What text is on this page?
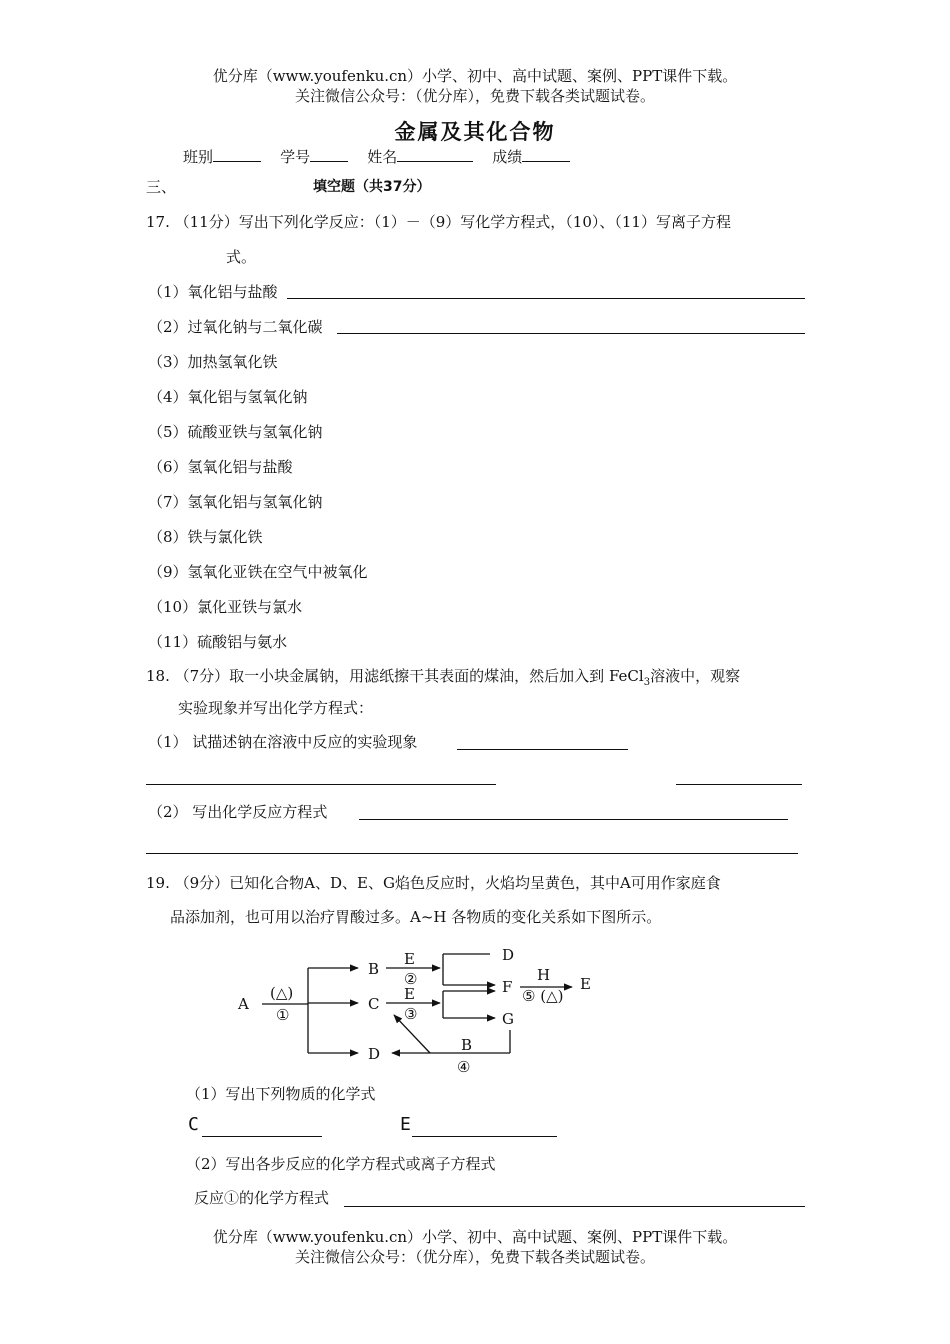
优分库（www.youfenku.cn）小学、初中、高中试题、案例、PPT课件下载。
关注微信公众号：（优分库），免费下载各类试题试卷。
金属及其化合物
班别	学号	姓名	成绩
三、	填空题（共37分）
17. （11分）写出下列化学反应：（1）－（9）写化学方程式，（10）、（11）写离子方程
式。
（1）氧化铝与盐酸
（2）过氧化钠与二氧化碳
（3）加热氢氧化铁
（4）氧化铝与氢氧化钠
（5）硫酸亚铁与氢氧化钠
（6）氢氧化铝与盐酸
（7）氢氧化铝与氢氧化钠
（8）铁与氯化铁
（9）氢氧化亚铁在空气中被氧化
（10）氯化亚铁与氯水
（11）硫酸铝与氨水
18. （7分）取一小块金属钠，用滤纸擦干其表面的煤油，然后加入到 FeCl$_3$溶液中，观察
实验现象并写出化学方程式：
（1） 试描述钠在溶液中反应的实验现象
（2） 写出化学反应方程式
19. （9分）已知化合物A、D、E、G焰色反应时，火焰均呈黄色，其中A可用作家庭食
品添加剂，也可用以治疗胃酸过多。A~H 各物质的变化关系如下图所示。
A
B
C
D
D
F
G
E
(△)
①
E
②
E
③
B
④
H
⑤ (△)
（1）写出下列物质的化学式
C	E
（2）写出各步反应的化学方程式或离子方程式
反应①的化学方程式
优分库（www.youfenku.cn）小学、初中、高中试题、案例、PPT课件下载。
关注微信公众号：（优分库），免费下载各类试题试卷。
